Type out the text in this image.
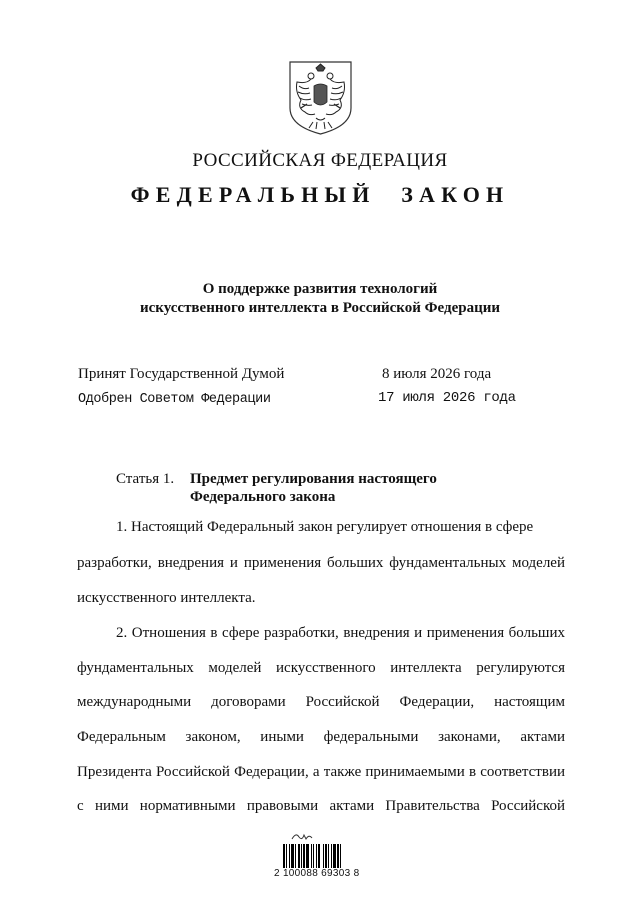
РОССИЙСКАЯ ФЕДЕРАЦИЯ
ФЕДЕРАЛЬНЫЙ ЗАКОН
О поддержке развития технологий
искусственного интеллекта в Российской Федерации
Принят Государственной Думой	8 июля 2026 года
Одобрен Советом Федерации	17 июля 2026 года
Статья 1. Предмет регулирования настоящего
Федерального закона
1. Настоящий Федеральный закон регулирует отношения в сфере
разработки, внедрения и применения больших фундаментальных моделей
искусственного интеллекта.
2. Отношения в сфере разработки, внедрения и применения больших
фундаментальных моделей искусственного интеллекта регулируются
международными договорами Российской Федерации, настоящим
Федеральным законом, иными федеральными законами, актами
Президента Российской Федерации, а также принимаемыми в соответствии
с ними нормативными правовыми актами Правительства Российской
2 100088 69303 8
